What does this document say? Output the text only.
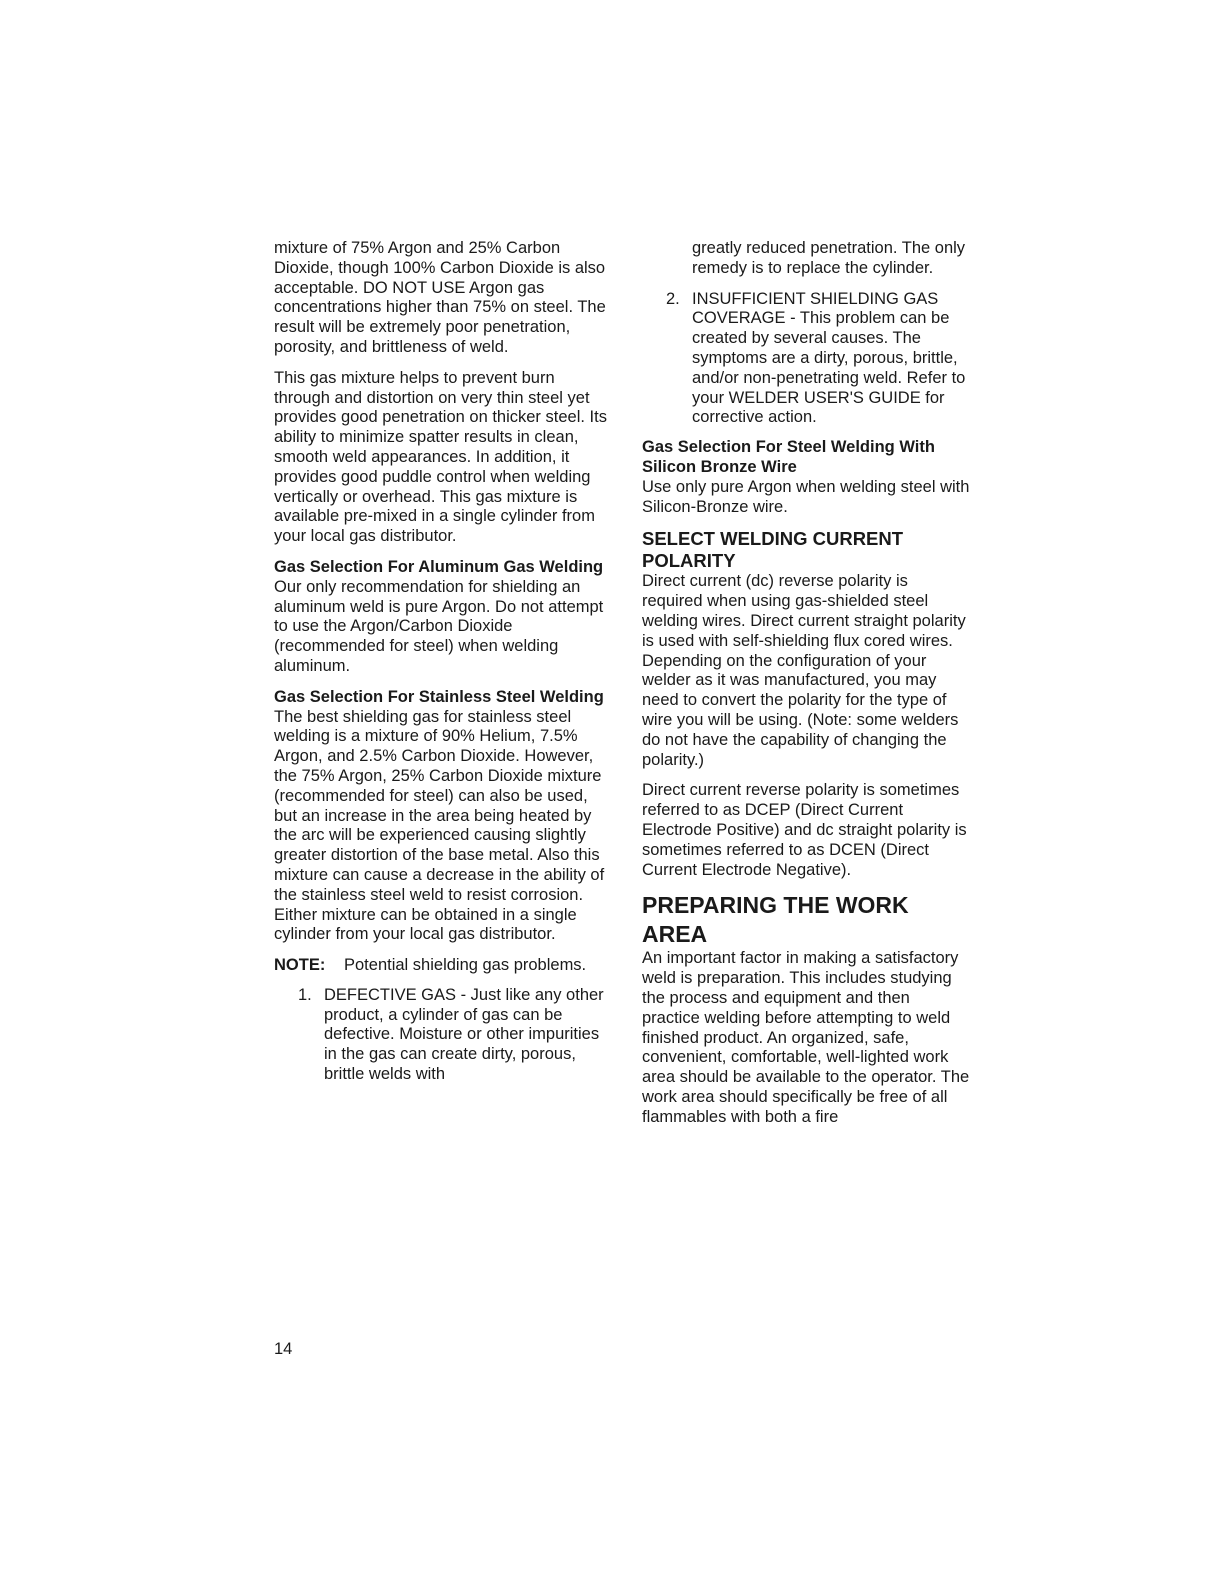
mixture of 75% Argon and 25% Carbon Dioxide, though 100% Carbon Dioxide is also acceptable. DO NOT USE Argon gas concentrations higher than 75% on steel. The result will be extremely poor penetration, porosity, and brittleness of weld.

This gas mixture helps to prevent burn through and distortion on very thin steel yet provides good penetration on thicker steel. Its ability to minimize spatter results in clean, smooth weld appearances. In addition, it provides good puddle control when welding vertically or overhead. This gas mixture is available pre-mixed in a single cylinder from your local gas distributor.

Gas Selection For Aluminum Gas Welding

Our only recommendation for shielding an aluminum weld is pure Argon. Do not attempt to use the Argon/Carbon Dioxide (recommended for steel) when welding aluminum.

Gas Selection For Stainless Steel Welding

The best shielding gas for stainless steel welding is a mixture of 90% Helium, 7.5% Argon, and 2.5% Carbon Dioxide. However, the 75% Argon, 25% Carbon Dioxide mixture (recommended for steel) can also be used, but an increase in the area being heated by the arc will be experienced causing slightly greater distortion of the base metal. Also this mixture can cause a decrease in the ability of the stainless steel weld to resist corrosion. Either mixture can be obtained in a single cylinder from your local gas distributor.

NOTE:	Potential shielding gas problems.
1. DEFECTIVE GAS - Just like any other product, a cylinder of gas can be defective. Moisture or other impurities in the gas can create dirty, porous, brittle welds with

greatly reduced penetration. The only remedy is to replace the cylinder.

2. INSUFFICIENT SHIELDING GAS COVERAGE - This problem can be created by several causes. The symptoms are a dirty, porous, brittle, and/or non-penetrating weld. Refer to your WELDER USER'S GUIDE for corrective action.
Gas Selection For Steel Welding With Silicon Bronze Wire

Use only pure Argon when welding steel with Silicon-Bronze wire.

SELECT WELDING CURRENT POLARITY

Direct current (dc) reverse polarity is required when using gas-shielded steel welding wires. Direct current straight polarity is used with self-shielding flux cored wires. Depending on the configuration of your welder as it was manufactured, you may need to convert the polarity for the type of wire you will be using. (Note: some welders do not have the capability of changing the polarity.)

Direct current reverse polarity is sometimes referred to as DCEP (Direct Current Electrode Positive) and dc straight polarity is sometimes referred to as DCEN (Direct Current Electrode Negative).

PREPARING THE WORK AREA

An important factor in making a satisfactory weld is preparation. This includes studying the process and equipment and then practice welding before attempting to weld finished product. An organized, safe, convenient, comfortable, well-lighted work area should be available to the operator. The work area should specifically be free of all flammables with both a fire

14
